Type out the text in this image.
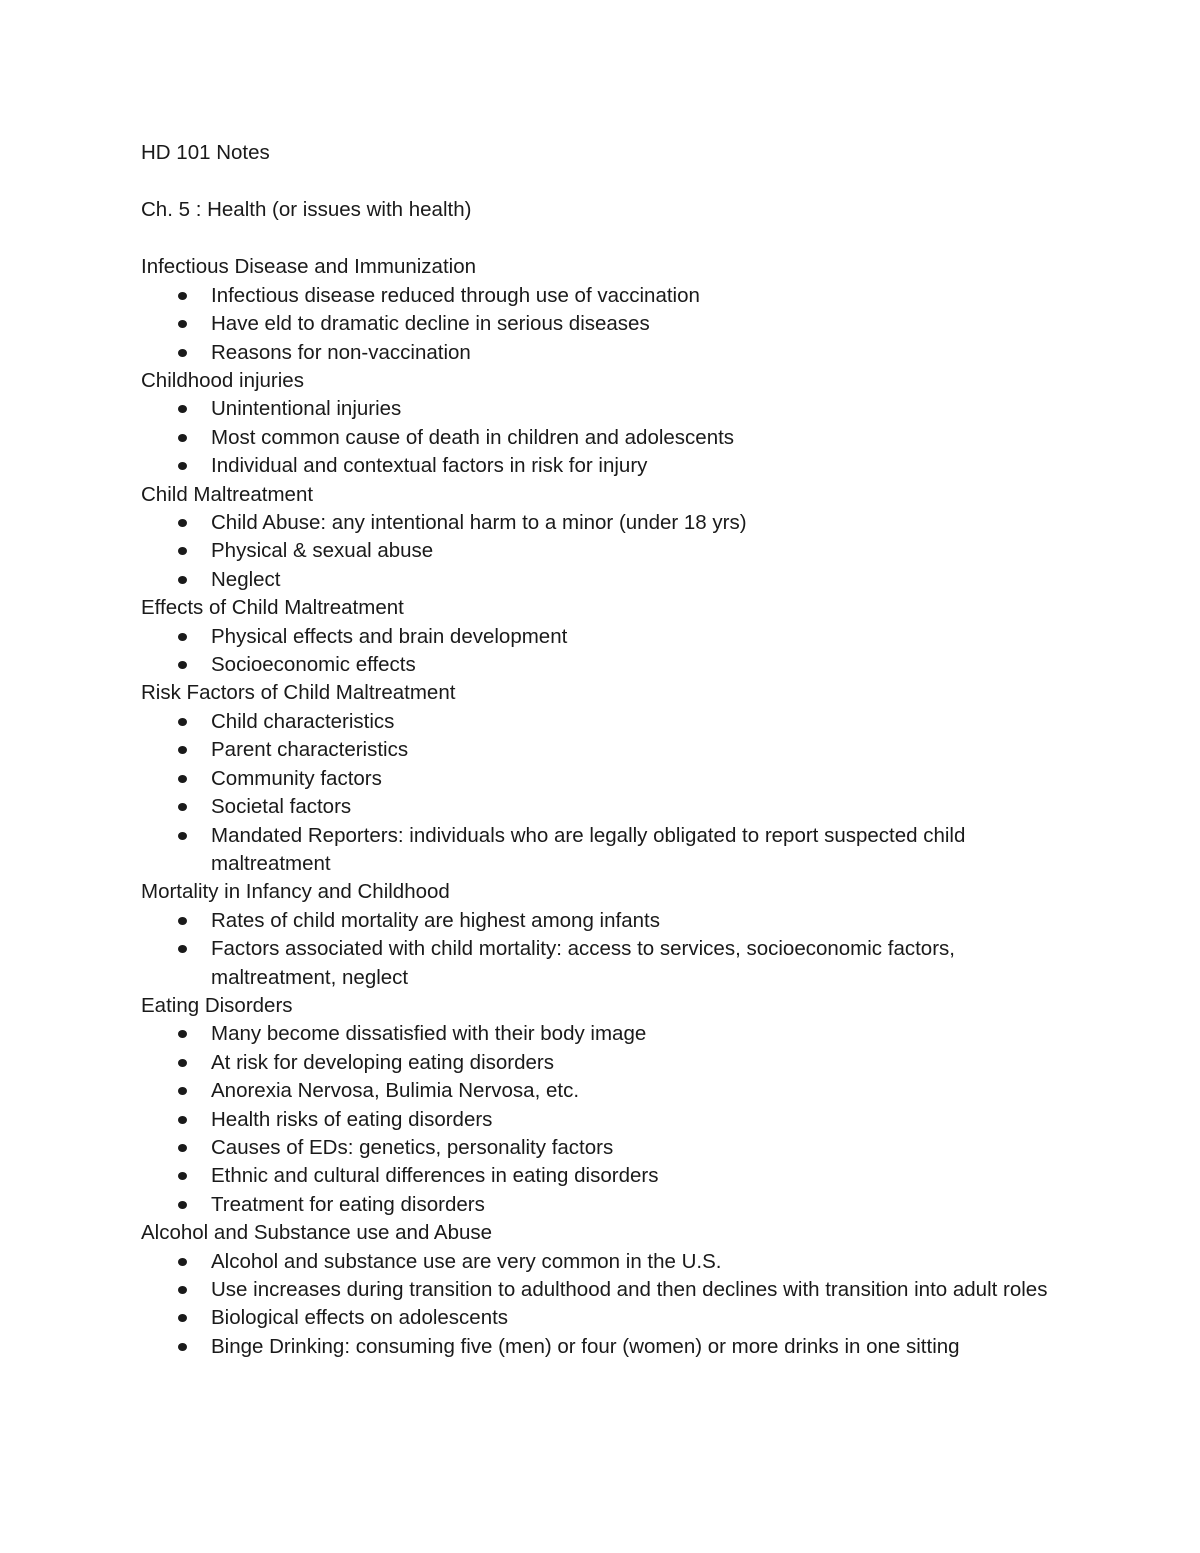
HD 101 Notes
Ch. 5 : Health (or issues with health)
Infectious Disease and Immunization
Infectious disease reduced through use of vaccination
Have eld to dramatic decline in serious diseases
Reasons for non-vaccination
Childhood injuries
Unintentional injuries
Most common cause of death in children and adolescents
Individual and contextual factors in risk for injury
Child Maltreatment
Child Abuse: any intentional harm to a minor (under 18 yrs)
Physical & sexual abuse
Neglect
Effects of Child Maltreatment
Physical effects and brain development
Socioeconomic effects
Risk Factors of Child Maltreatment
Child characteristics
Parent characteristics
Community factors
Societal factors
Mandated Reporters: individuals who are legally obligated to report suspected child maltreatment
Mortality in Infancy and Childhood
Rates of child mortality are highest among infants
Factors associated with child mortality: access to services, socioeconomic factors, maltreatment, neglect
Eating Disorders
Many become dissatisfied with their body image
At risk for developing eating disorders
Anorexia Nervosa, Bulimia Nervosa, etc.
Health risks of eating disorders
Causes of EDs: genetics, personality factors
Ethnic and cultural differences in eating disorders
Treatment for eating disorders
Alcohol and Substance use and Abuse
Alcohol and substance use are very common in the U.S.
Use increases during transition to adulthood and then declines with transition into adult roles
Biological effects on adolescents
Binge Drinking: consuming five (men) or four (women) or more drinks in one sitting
